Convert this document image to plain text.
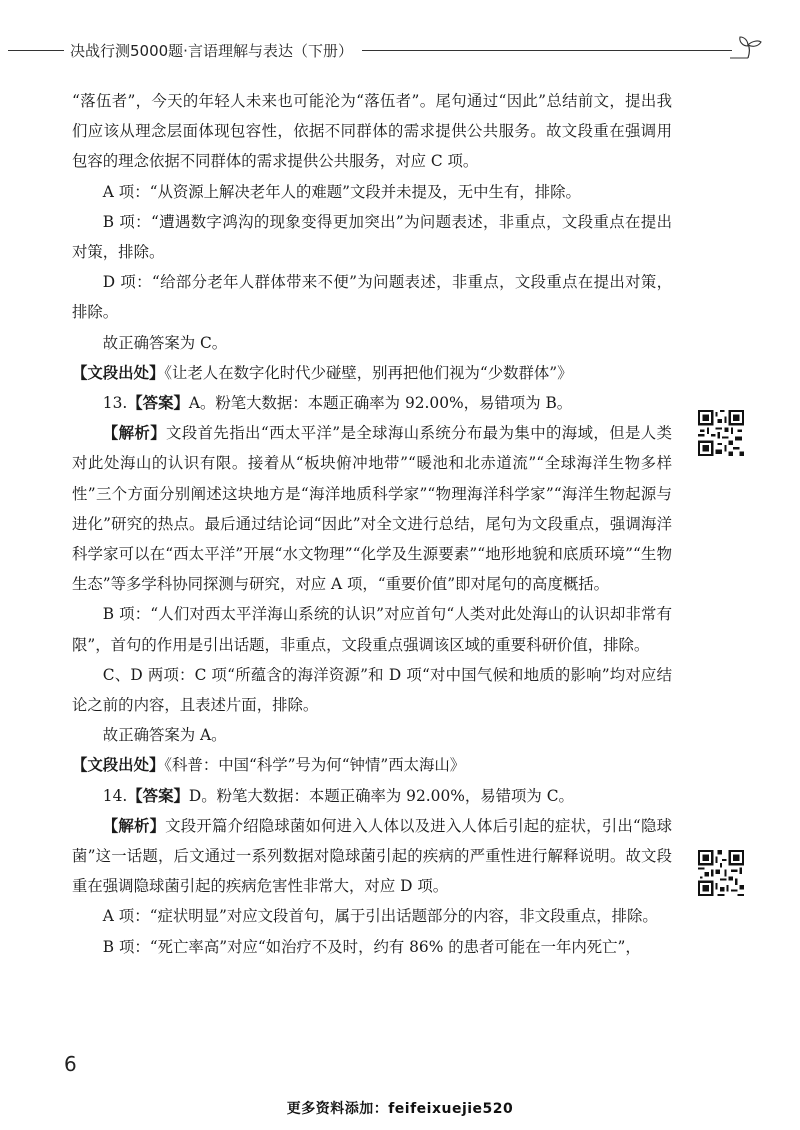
决战行测5000题·言语理解与表达（下册）

“落伍者”，今天的年轻人未来也可能沦为“落伍者”。尾句通过“因此”总结前文，提出我们应该从理念层面体现包容性，依据不同群体的需求提供公共服务。故文段重在强调用包容的理念依据不同群体的需求提供公共服务，对应 C 项。

A 项：“从资源上解决老年人的难题”文段并未提及，无中生有，排除。

B 项：“遭遇数字鸿沟的现象变得更加突出”为问题表述，非重点，文段重点在提出对策，排除。

D 项：“给部分老年人群体带来不便”为问题表述，非重点，文段重点在提出对策，排除。

故正确答案为 C。

【文段出处】《让老人在数字化时代少碰壁，别再把他们视为“少数群体”》

13.【答案】A。粉笔大数据：本题正确率为 92.00%，易错项为 B。

【解析】文段首先指出“西太平洋”是全球海山系统分布最为集中的海域，但是人类对此处海山的认识有限。接着从“板块俯冲地带”“暖池和北赤道流”“全球海洋生物多样性”三个方面分别阐述这块地方是“海洋地质科学家”“物理海洋科学家”“海洋生物起源与进化”研究的热点。最后通过结论词“因此”对全文进行总结，尾句为文段重点，强调海洋科学家可以在“西太平洋”开展“水文物理”“化学及生源要素”“地形地貌和底质环境”“生物生态”等多学科协同探测与研究，对应 A 项，“重要价值”即对尾句的高度概括。

B 项：“人们对西太平洋海山系统的认识”对应首句“人类对此处海山的认识却非常有限”，首句的作用是引出话题，非重点，文段重点强调该区域的重要科研价值，排除。

C、D 两项：C 项“所蕴含的海洋资源”和 D 项“对中国气候和地质的影响”均对应结论之前的内容，且表述片面，排除。

故正确答案为 A。

【文段出处】《科普：中国“科学”号为何“钟情”西太海山》

14.【答案】D。粉笔大数据：本题正确率为 92.00%，易错项为 C。

【解析】文段开篇介绍隐球菌如何进入人体以及进入人体后引起的症状，引出“隐球菌”这一话题，后文通过一系列数据对隐球菌引起的疾病的严重性进行解释说明。故文段重在强调隐球菌引起的疾病危害性非常大，对应 D 项。

A 项：“症状明显”对应文段首句，属于引出话题部分的内容，非文段重点，排除。

B 项：“死亡率高”对应“如治疗不及时，约有 86% 的患者可能在一年内死亡”，

6
更多资料添加：feifeixuejie520
